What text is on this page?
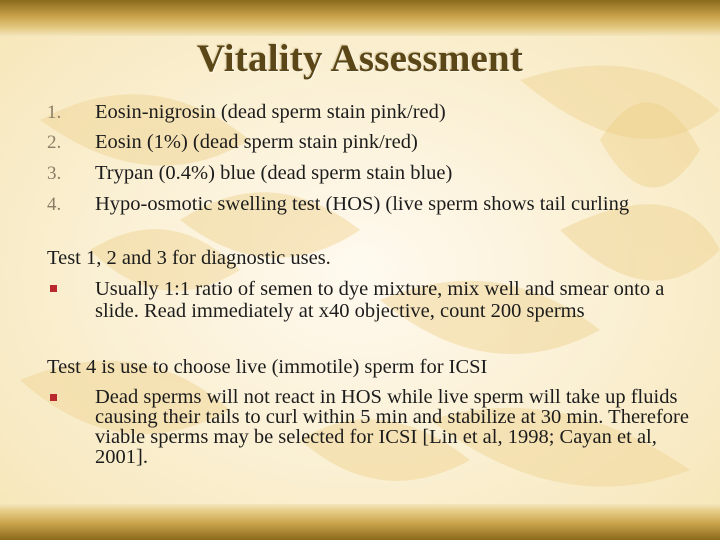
Vitality Assessment
1. Eosin-nigrosin (dead sperm stain pink/red)
2. Eosin (1%) (dead sperm stain pink/red)
3. Trypan (0.4%) blue (dead sperm stain blue)
4. Hypo-osmotic swelling test (HOS) (live sperm shows tail curling
Test 1, 2 and 3 for diagnostic uses.
Usually 1:1 ratio of semen to dye mixture, mix well and smear onto a slide. Read immediately at x40 objective, count 200 sperms
Test 4 is use to choose live (immotile) sperm for ICSI
Dead sperms will not react in HOS while live sperm will take up fluids causing their tails to curl within 5 min and stabilize at 30 min. Therefore viable sperms may be selected for ICSI [Lin et al, 1998; Cayan et al, 2001].
